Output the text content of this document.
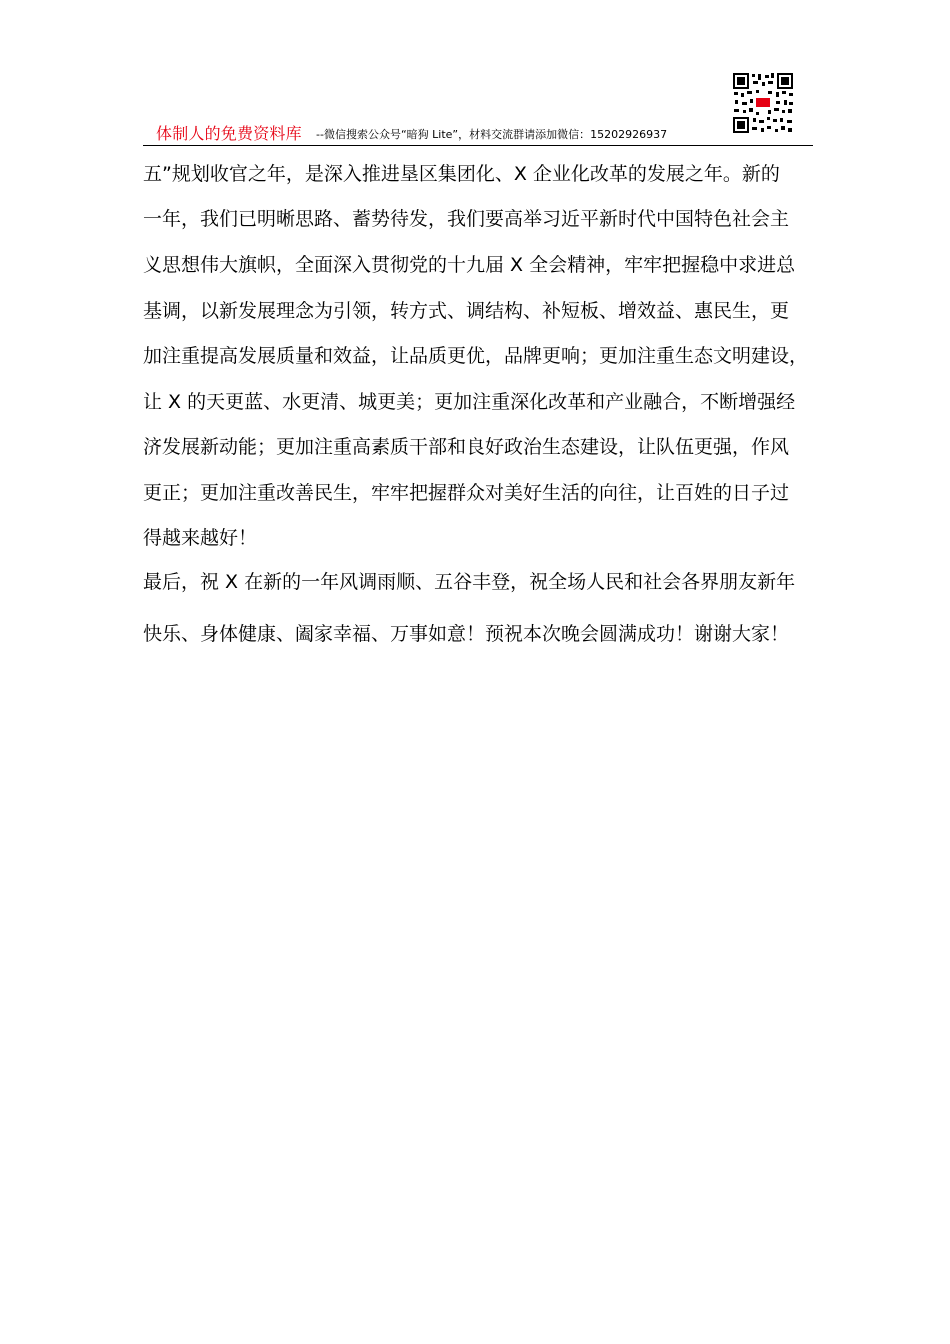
体制人的免费资料库 --微信搜索公众号“暗狗 Lite”，材料交流群请添加微信：15202926937
五”规划收官之年，是深入推进垦区集团化、X 企业化改革的发展之年。新的
一年，我们已明晰思路、蓄势待发，我们要高举习近平新时代中国特色社会主
义思想伟大旗帜，全面深入贯彻党的十九届 X 全会精神，牢牢把握稳中求进总
基调，以新发展理念为引领，转方式、调结构、补短板、增效益、惠民生，更
加注重提高发展质量和效益，让品质更优，品牌更响；更加注重生态文明建设，
让 X 的天更蓝、水更清、城更美；更加注重深化改革和产业融合，不断增强经
济发展新动能；更加注重高素质干部和良好政治生态建设，让队伍更强，作风
更正；更加注重改善民生，牢牢把握群众对美好生活的向往，让百姓的日子过
得越来越好！
最后，祝 X 在新的一年风调雨顺、五谷丰登，祝全场人民和社会各界朋友新年
快乐、身体健康、阖家幸福、万事如意！预祝本次晚会圆满成功！谢谢大家！
